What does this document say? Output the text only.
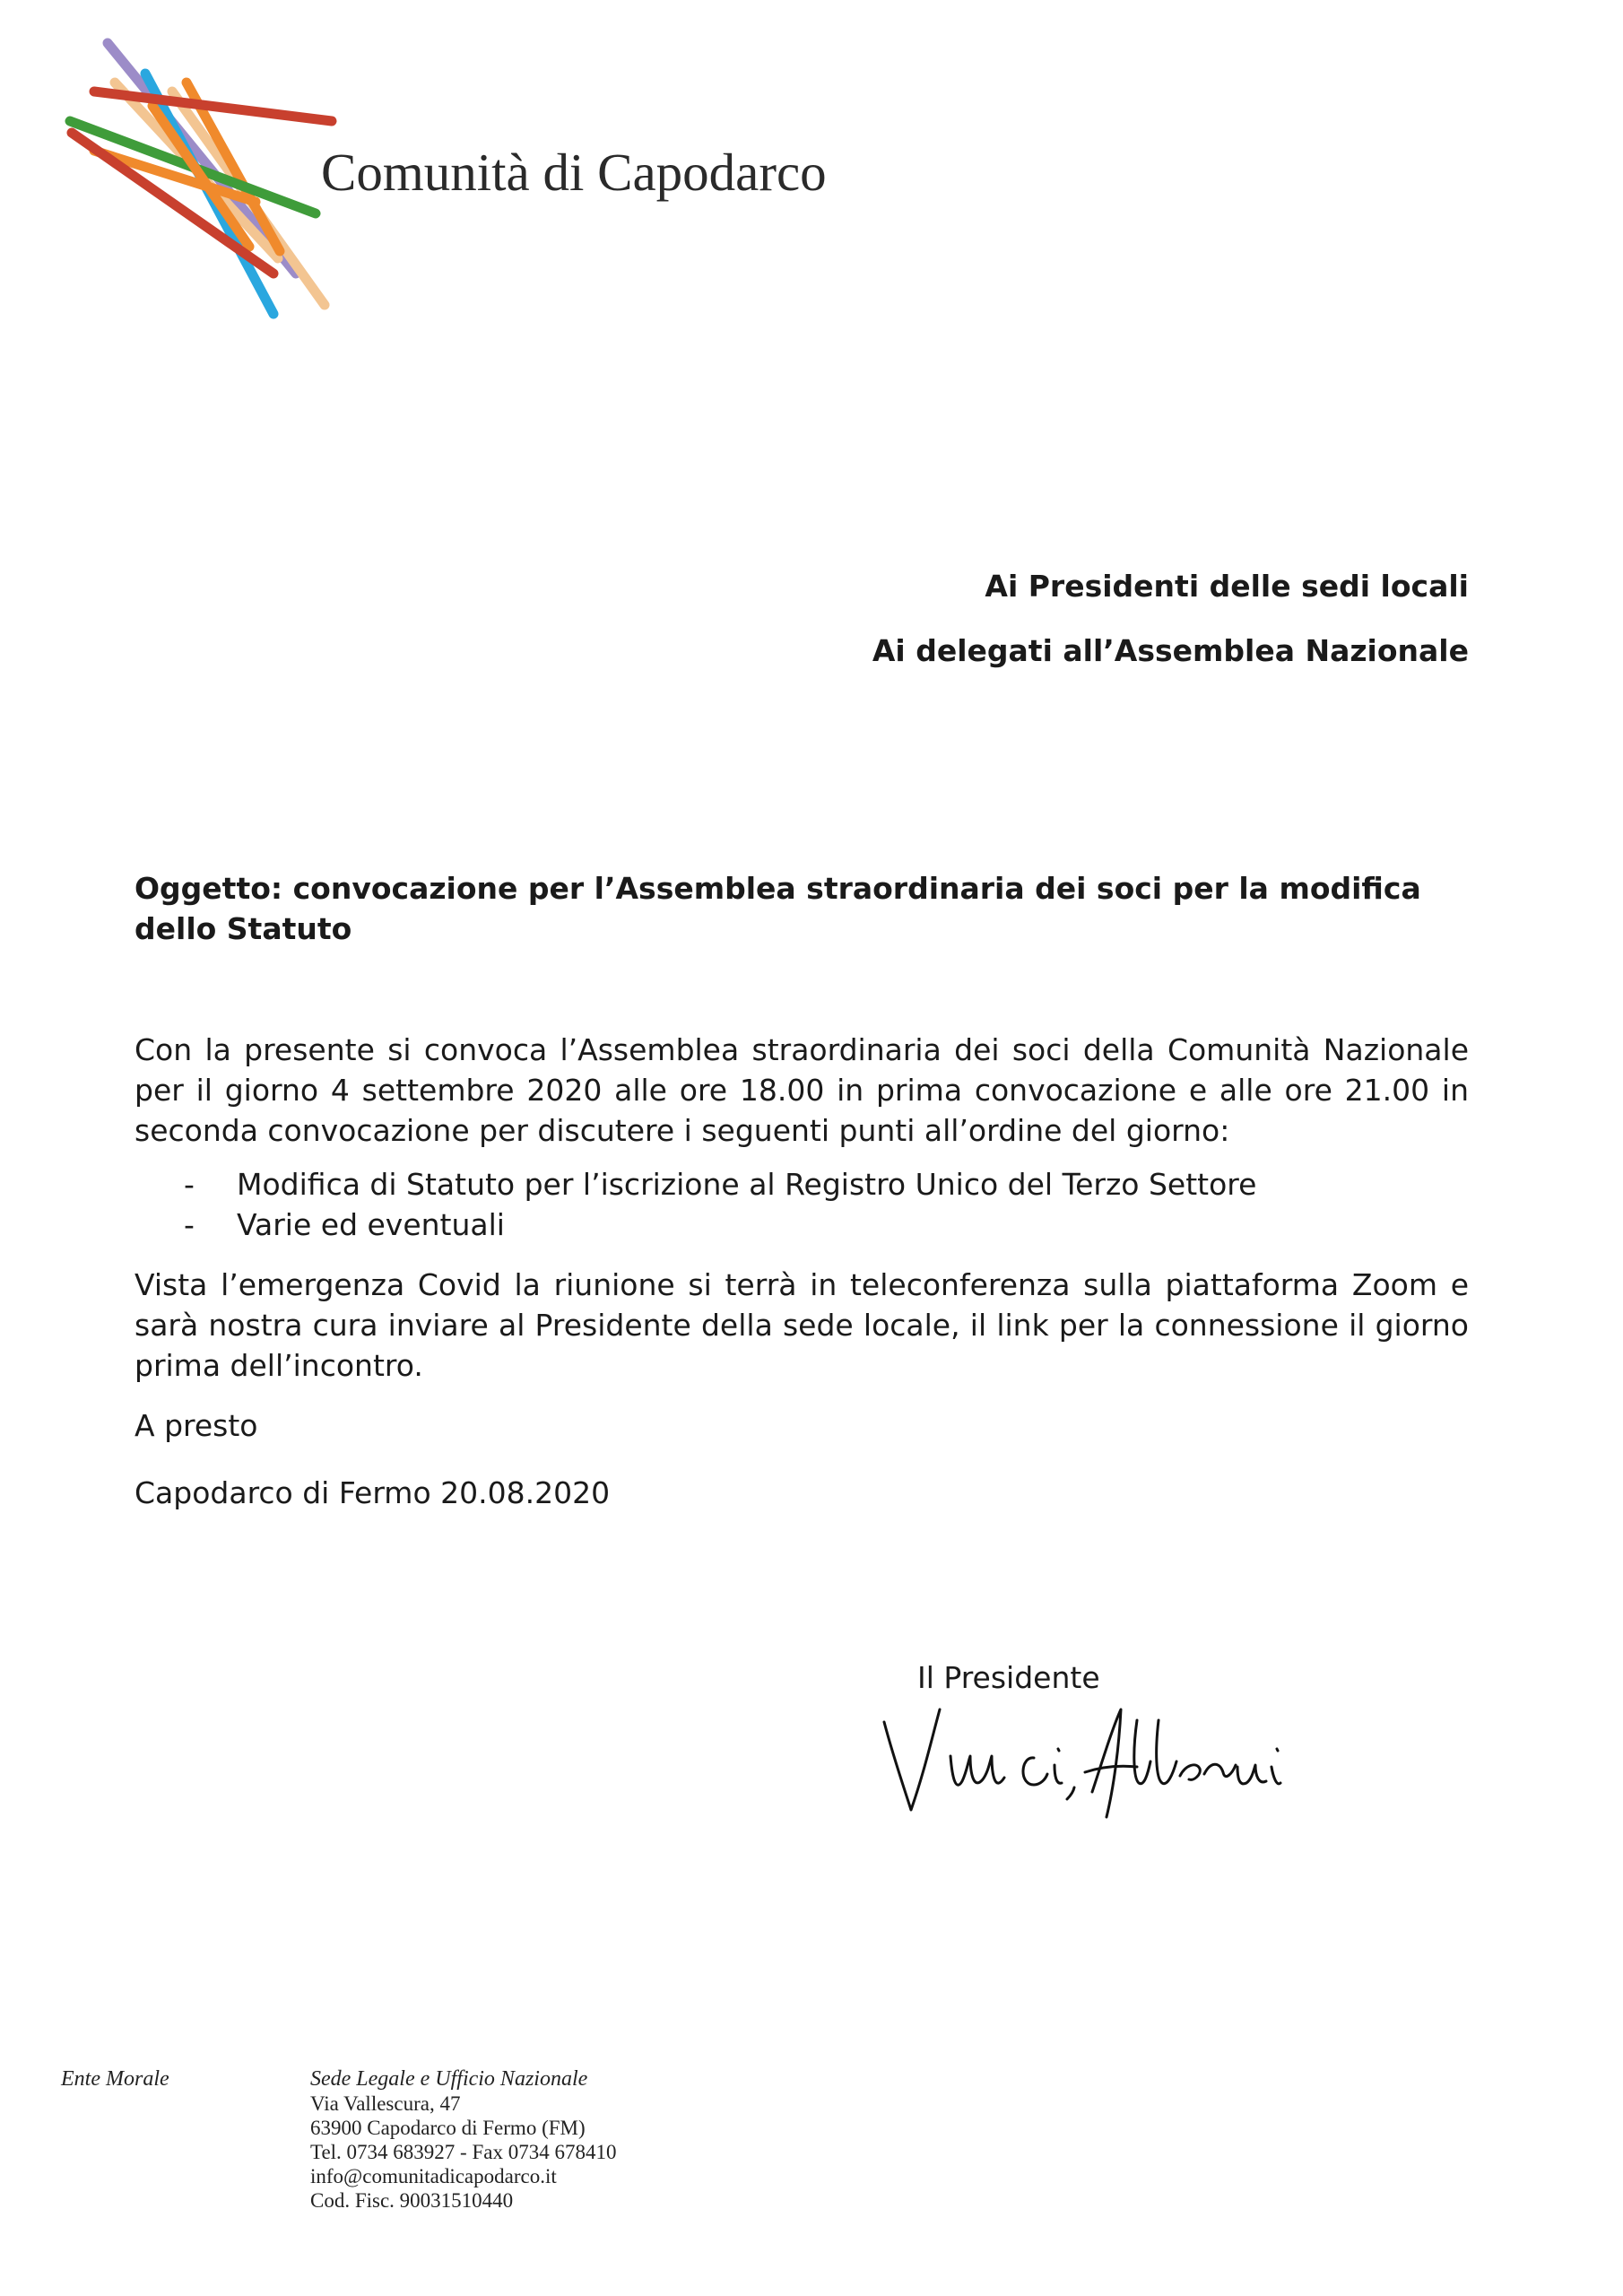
Comunità di Capodarco
Ai Presidenti delle sedi locali
Ai delegati all’Assemblea Nazionale
Oggetto: convocazione per l’Assemblea straordinaria dei soci per la modifica dello Statuto

Con la presente si convoca l’Assemblea straordinaria dei soci della Comunità Nazionale per il giorno 4 settembre 2020 alle ore 18.00 in prima convocazione e alle ore 21.00 in seconda convocazione per discutere i seguenti punti all’ordine del giorno:

- Modifica di Statuto per l’iscrizione al Registro Unico del Terzo Settore
- Varie ed eventuali

Vista l’emergenza Covid la riunione si terrà in teleconferenza sulla piattaforma Zoom e sarà nostra cura inviare al Presidente della sede locale, il link per la connessione il giorno prima dell’incontro.

A presto

Capodarco di Fermo 20.08.2020

Il Presidente
Ente Morale	Sede Legale e Ufficio Nazionale
Via Vallescura, 47
63900 Capodarco di Fermo (FM)
Tel. 0734 683927 - Fax 0734 678410
info@comunitadicapodarco.it
Cod. Fisc. 90031510440
